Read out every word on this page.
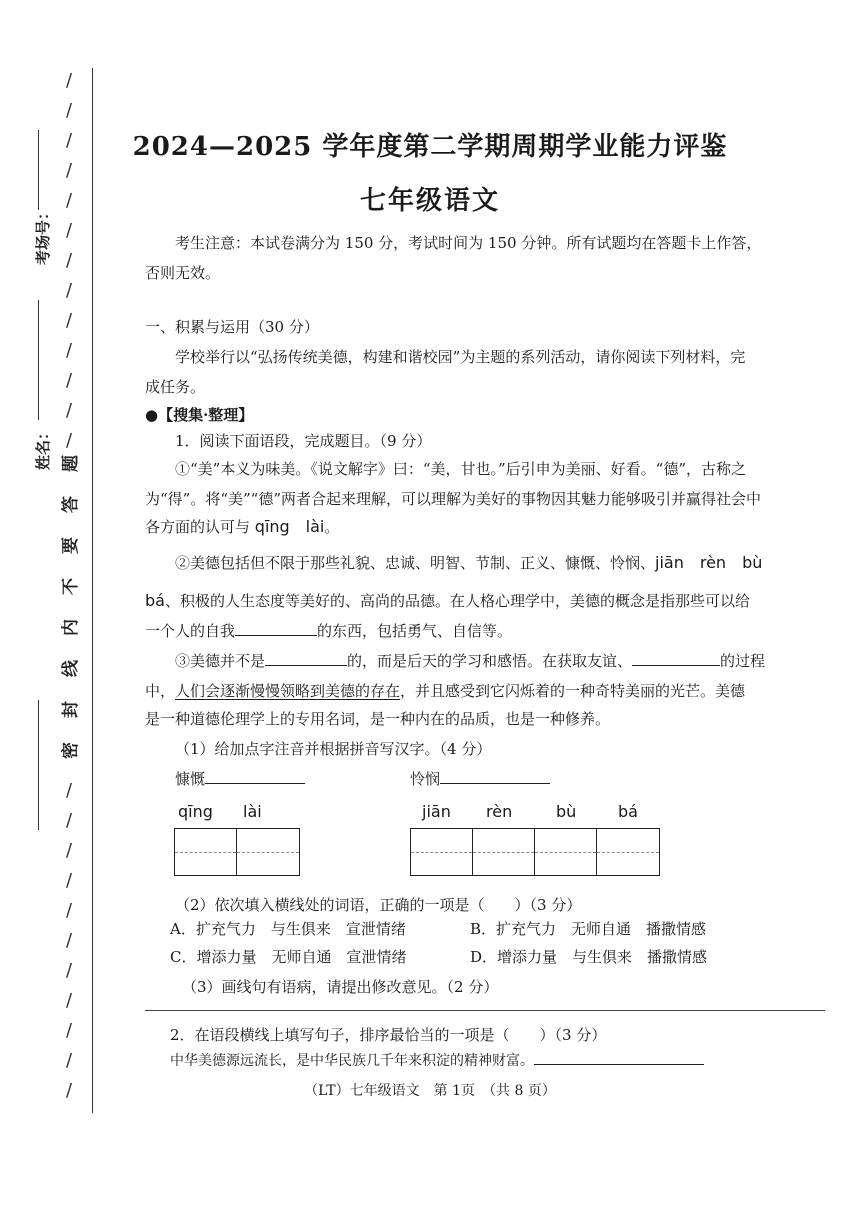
/
/
/
/
/
/
/
/
/
/
/
/
/
/
/
/
/
/
/
/
/
/
/
/
密
封
线
内
不
要
答
题
考场号：
姓名：
2024—2025 学年度第二学期周期学业能力评鉴
七年级语文
考生注意：本试卷满分为 150 分，考试时间为 150 分钟。所有试题均在答题卡上作答，
否则无效。
一、积累与运用（30 分）
学校举行以“弘扬传统美德，构建和谐校园”为主题的系列活动，请你阅读下列材料，完
成任务。
●【搜集·整理】
1．阅读下面语段，完成题目。（9 分）
①“美”本义为味美。《说文解字》曰：“美，甘也。”后引申为美丽、好看。“德”，古称之
为“得”。将“美”“德”两者合起来理解，可以理解为美好的事物因其魅力能够吸引并赢得社会中
各方面的认可与 qīng　lài。
②美德包括但不限于那些礼貌、忠诚、明智、节制、正义、慷慨、怜悯、jiān　rèn　bù
bá、积极的人生态度等美好的、高尚的品德。在人格心理学中，美德的概念是指那些可以给
一个人的自我	的东西，包括勇气、自信等。
③美德并不是	的，而是后天的学习和感悟。在获取友谊、	的过程
中，人们会逐渐慢慢领略到美德的存在，并且感受到它闪烁着的一种奇特美丽的光芒。美德
是一种道德伦理学上的专用名词，是一种内在的品质，也是一种修养。
（1）给加点字注音并根据拼音写汉字。（4 分）
慷慨	怜悯
qīng lài	jiān rèn	bù	bá
（2）依次填入横线处的词语，正确的一项是（　　）（3 分）
A．扩充气力　与生俱来　宣泄情绪	B．扩充气力　无师自通　播撒情感
C．增添力量　无师自通　宣泄情绪	D．增添力量　与生俱来　播撒情感
（3）画线句有语病，请提出修改意见。（2 分）
2．在语段横线上填写句子，排序最恰当的一项是（　　）（3 分）
中华美德源远流长，是中华民族几千年来积淀的精神财富。
（LT）七年级语文　第 1页　（共 8 页）
